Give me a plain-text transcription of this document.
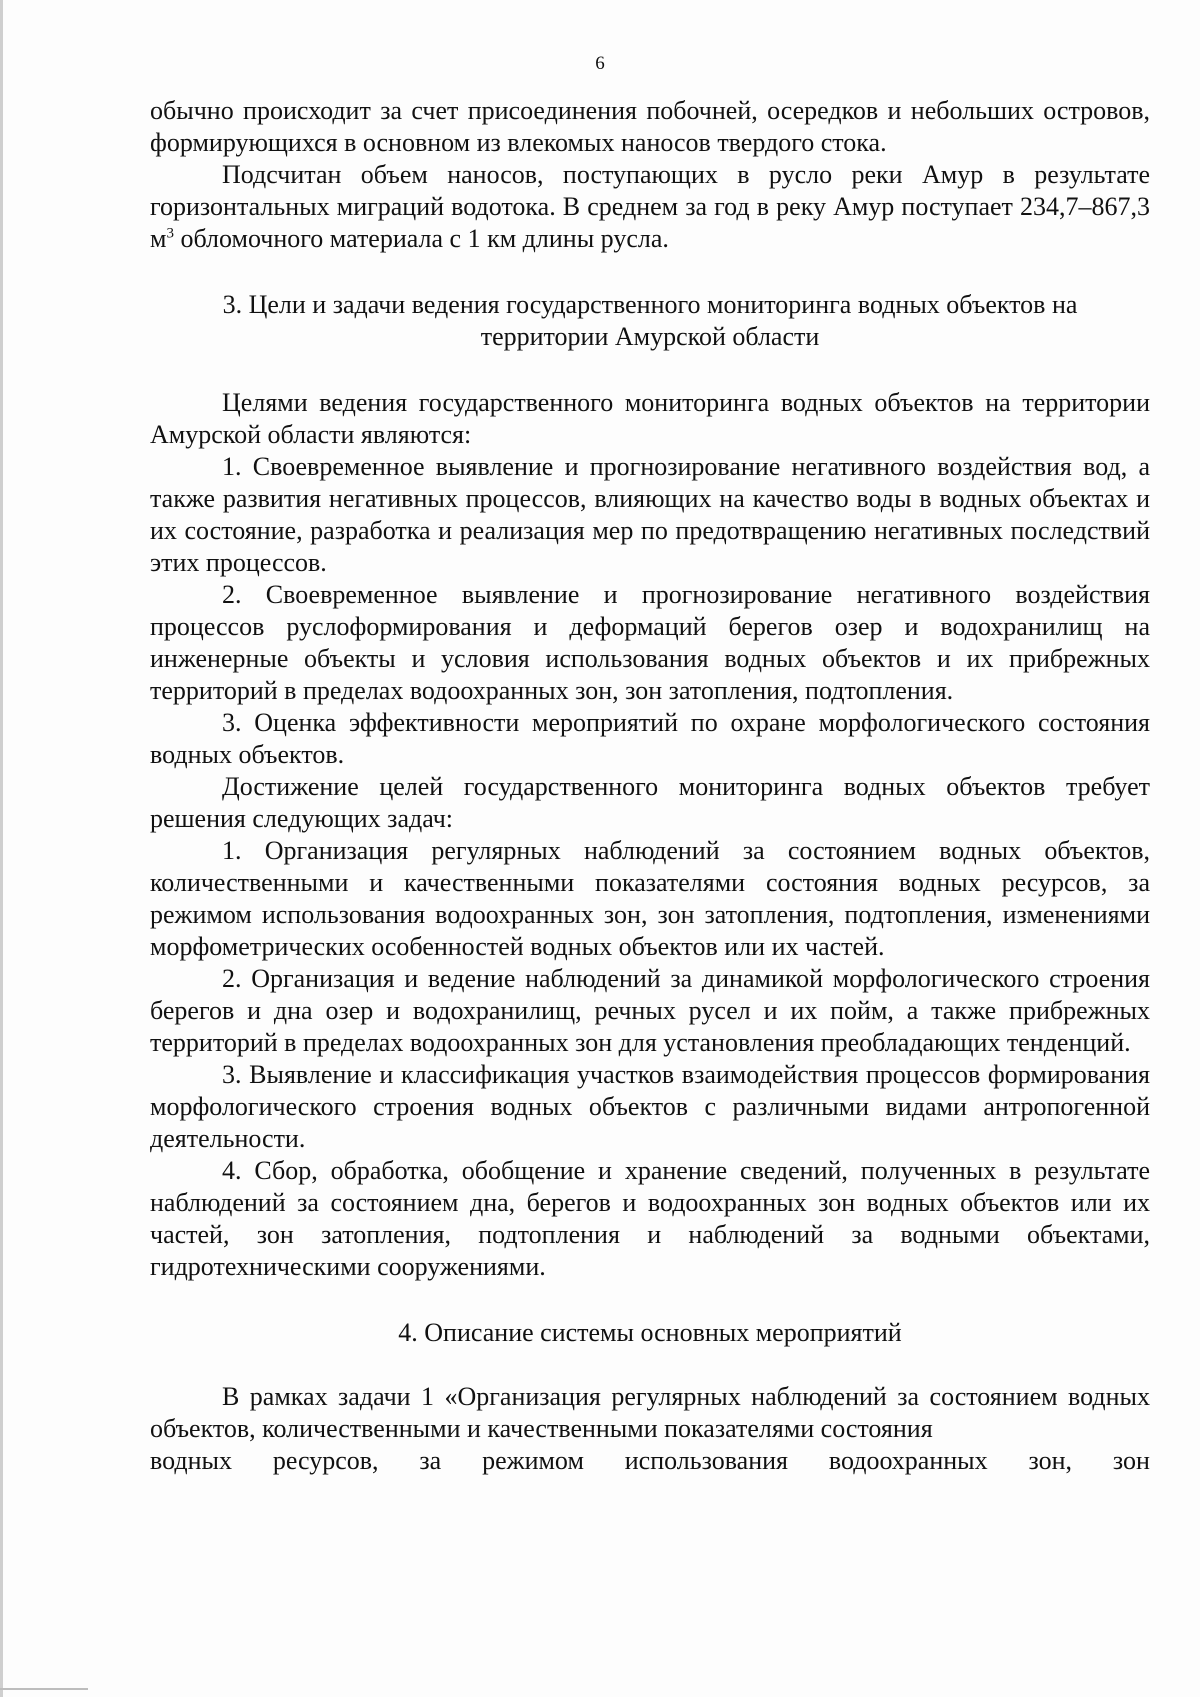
6

обычно происходит за счет присоединения побочней, осередков и небольших островов, формирующихся в основном из влекомых наносов твердого стока.

Подсчитан объем наносов, поступающих в русло реки Амур в результате горизонтальных миграций водотока. В среднем за год в реку Амур поступает 234,7–867,3 $м^3$ обломочного материала с 1 км длины русла.

3. Цели и задачи ведения государственного мониторинга водных объектов на
территории Амурской области

Целями ведения государственного мониторинга водных объектов на территории Амурской области являются:

1. Своевременное выявление и прогнозирование негативного воздействия вод, а также развития негативных процессов, влияющих на качество воды в водных объектах и их состояние, разработка и реализация мер по предотвращению негативных последствий этих процессов.

2. Своевременное выявление и прогнозирование негативного воздействия процессов руслоформирования и деформаций берегов озер и водохранилищ на инженерные объекты и условия использования водных объектов и их прибрежных территорий в пределах водоохранных зон, зон затопления, подтопления.

3. Оценка эффективности мероприятий по охране морфологического состояния водных объектов.

Достижение целей государственного мониторинга водных объектов требует решения следующих задач:

1. Организация регулярных наблюдений за состоянием водных объектов, количественными и качественными показателями состояния водных ресурсов, за режимом использования водоохранных зон, зон затопления, подтопления, изменениями морфометрических особенностей водных объектов или их частей.

2. Организация и ведение наблюдений за динамикой морфологического строения берегов и дна озер и водохранилищ, речных русел и их пойм, а также прибрежных территорий в пределах водоохранных зон для установления преобладающих тенденций.

3. Выявление и классификация участков взаимодействия процессов формирования морфологического строения водных объектов с различными видами антропогенной деятельности.

4. Сбор, обработка, обобщение и хранение сведений, полученных в результате наблюдений за состоянием дна, берегов и водоохранных зон водных объектов или их частей, зон затопления, подтопления и наблюдений за водными объектами, гидротехническими сооружениями.

4. Описание системы основных мероприятий

В рамках задачи 1 «Организация регулярных наблюдений за состоянием водных объектов, количественными и качественными показателями состояния

водных ресурсов, за режимом использования водоохранных зон, зон
